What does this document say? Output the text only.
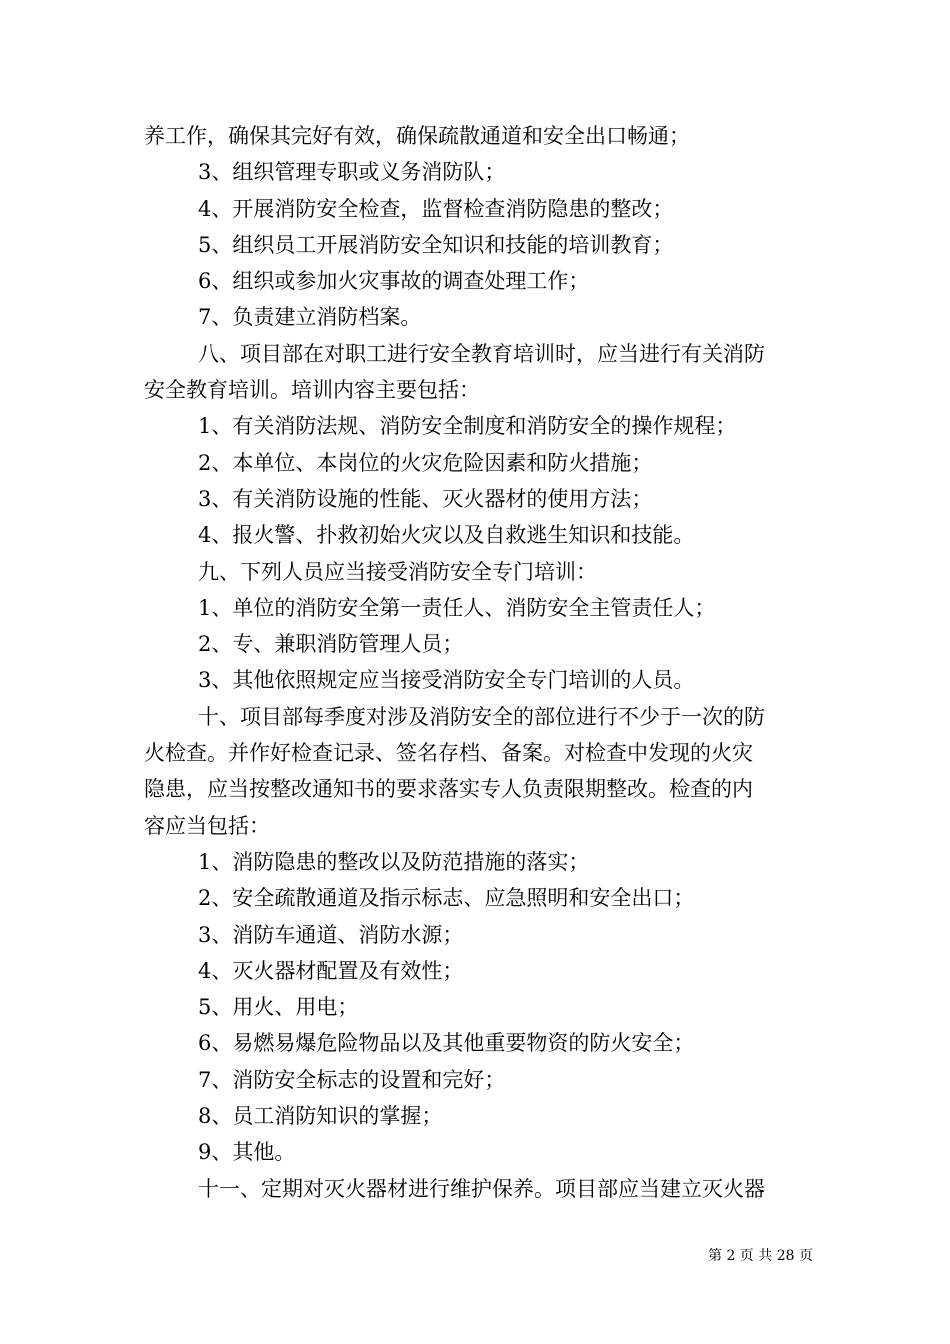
养工作，确保其完好有效，确保疏散通道和安全出口畅通；

3、组织管理专职或义务消防队；

4、开展消防安全检查，监督检查消防隐患的整改；

5、组织员工开展消防安全知识和技能的培训教育；

6、组织或参加火灾事故的调查处理工作；

7、负责建立消防档案。

八、项目部在对职工进行安全教育培训时，应当进行有关消防

安全教育培训。培训内容主要包括：

1、有关消防法规、消防安全制度和消防安全的操作规程；

2、本单位、本岗位的火灾危险因素和防火措施；

3、有关消防设施的性能、灭火器材的使用方法；

4、报火警、扑救初始火灾以及自救逃生知识和技能。

九、下列人员应当接受消防安全专门培训：

1、单位的消防安全第一责任人、消防安全主管责任人；

2、专、兼职消防管理人员；

3、其他依照规定应当接受消防安全专门培训的人员。

十、项目部每季度对涉及消防安全的部位进行不少于一次的防

火检查。并作好检查记录、签名存档、备案。对检查中发现的火灾

隐患，应当按整改通知书的要求落实专人负责限期整改。检查的内

容应当包括：

1、消防隐患的整改以及防范措施的落实；

2、安全疏散通道及指示标志、应急照明和安全出口；

3、消防车通道、消防水源；

4、灭火器材配置及有效性；

5、用火、用电；

6、易燃易爆危险物品以及其他重要物资的防火安全；

7、消防安全标志的设置和完好；

8、员工消防知识的掌握；

9、其他。

十一、定期对灭火器材进行维护保养。项目部应当建立灭火器

第 2 页 共 28 页
